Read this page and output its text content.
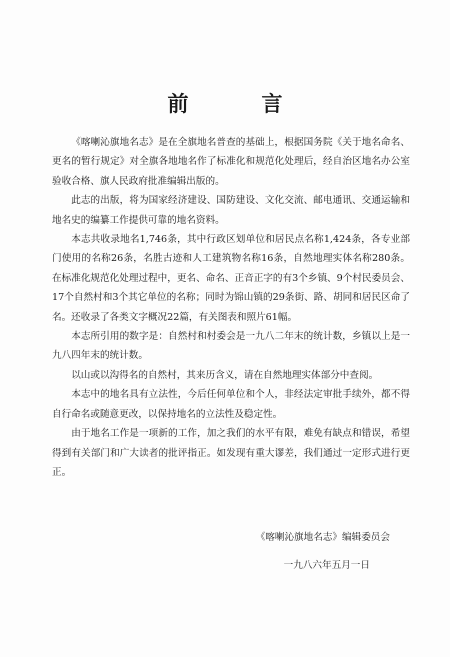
前　言

《喀喇沁旗地名志》是在全旗地名普查的基础上，根据国务院《关于地名命名、更名的暂行规定》对全旗各地地名作了标准化和规范化处理后，经自治区地名办公室验收合格、旗人民政府批准编辑出版的。

此志的出版，将为国家经济建设、国防建设、文化交流、邮电通讯、交通运输和地名史的编纂工作提供可靠的地名资料。

本志共收录地名1,746条，其中行政区划单位和居民点名称1,424条，各专业部门使用的名称26条，名胜古迹和人工建筑物名称16条，自然地理实体名称280条。在标准化规范化处理过程中，更名、命名、正音正字的有3个乡镇、9个村民委员会、17个自然村和3个其它单位的名称；同时为锦山镇的29条街、路、胡同和居民区命了名。还收录了各类文字概况22篇，有关图表和照片61幅。

本志所引用的数字是：自然村和村委会是一九八二年末的统计数，乡镇以上是一九八四年末的统计数。

以山或以沟得名的自然村，其来历含义，请在自然地理实体部分中查阅。

本志中的地名具有立法性，今后任何单位和个人，非经法定审批手续外，都不得自行命名或随意更改，以保持地名的立法性及稳定性。

由于地名工作是一项新的工作，加之我们的水平有限，难免有缺点和错误，希望得到有关部门和广大读者的批评指正。如发现有重大谬差，我们通过一定形式进行更正。

《喀喇沁旗地名志》编辑委员会
一九八六年五月一日
